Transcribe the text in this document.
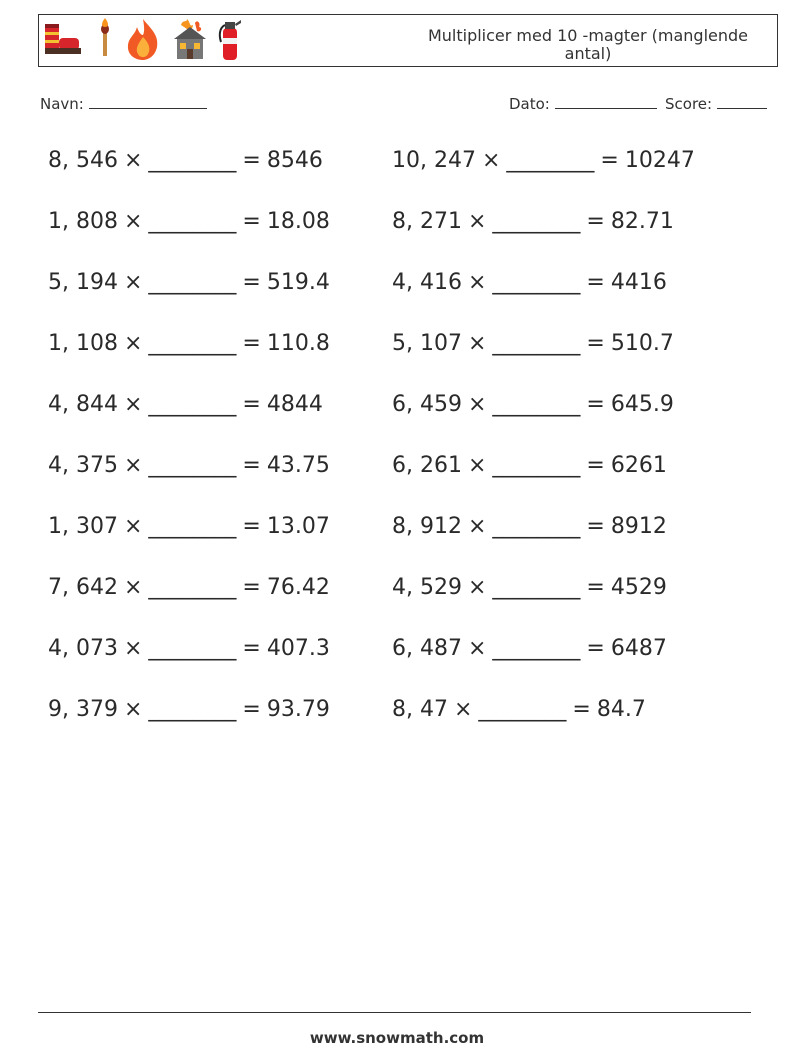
Multiplicer med 10 -magter (manglende antal)
Navn:	Dato:	Score:
8, 546 × ________ = 8546
1, 808 × ________ = 18.08
5, 194 × ________ = 519.4
1, 108 × ________ = 110.8
4, 844 × ________ = 4844
4, 375 × ________ = 43.75
1, 307 × ________ = 13.07
7, 642 × ________ = 76.42
4, 073 × ________ = 407.3
9, 379 × ________ = 93.79
10, 247 × ________ = 10247
8, 271 × ________ = 82.71
4, 416 × ________ = 4416
5, 107 × ________ = 510.7
6, 459 × ________ = 645.9
6, 261 × ________ = 6261
8, 912 × ________ = 8912
4, 529 × ________ = 4529
6, 487 × ________ = 6487
8, 47 × ________ = 84.7
www.snowmath.com
